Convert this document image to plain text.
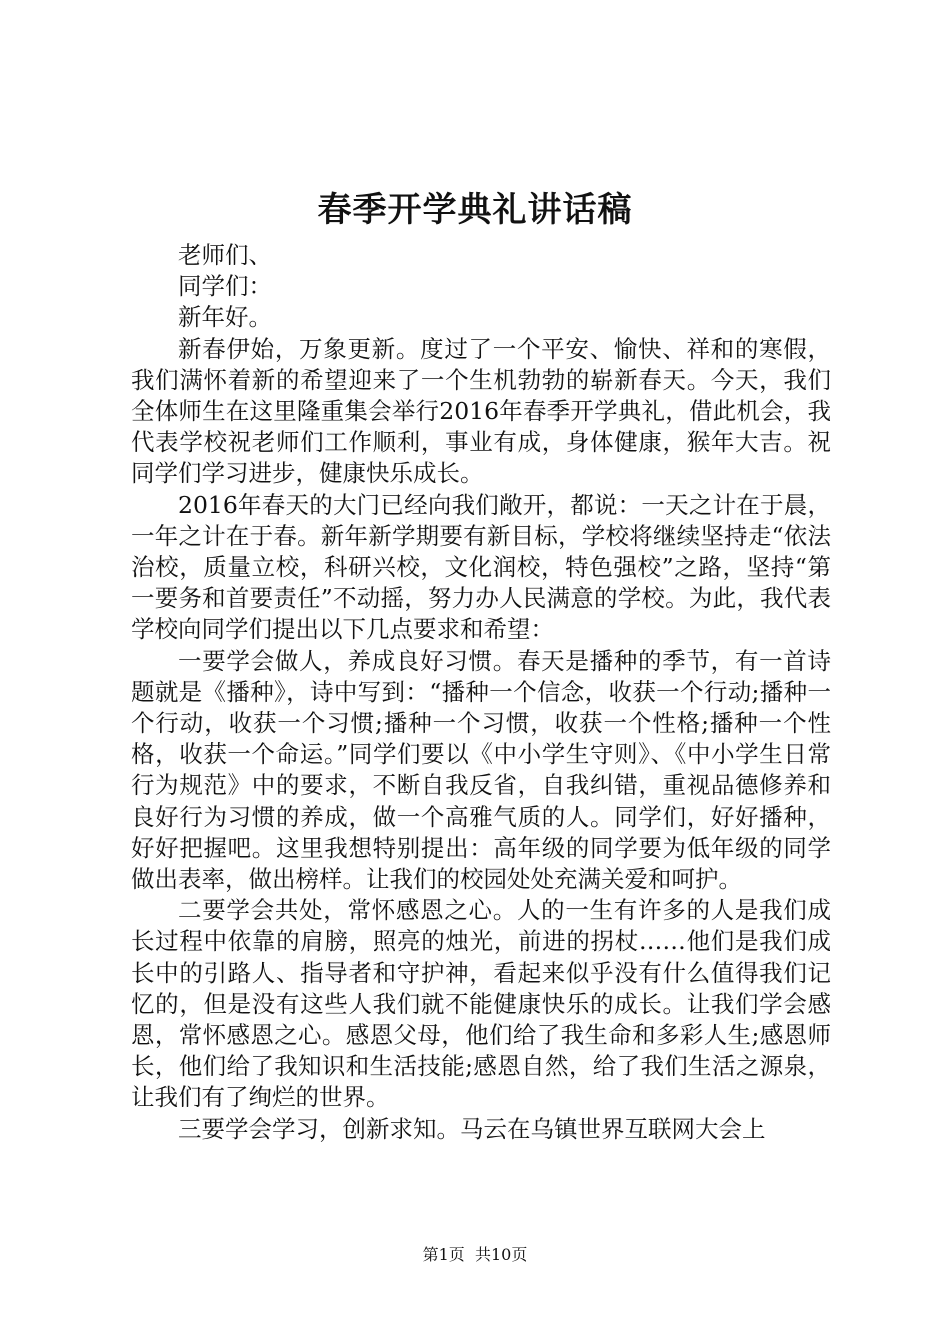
春季开学典礼讲话稿

老师们、

同学们：

新年好。

新春伊始，万象更新。度过了一个平安、愉快、祥和的寒假，我们满怀着新的希望迎来了一个生机勃勃的崭新春天。今天，我们全体师生在这里隆重集会举行2016年春季开学典礼，借此机会，我代表学校祝老师们工作顺利，事业有成，身体健康，猴年大吉。祝同学们学习进步，健康快乐成长。

2016年春天的大门已经向我们敞开，都说：一天之计在于晨，一年之计在于春。新年新学期要有新目标，学校将继续坚持走“依法治校，质量立校，科研兴校，文化润校，特色强校”之路，坚持“第一要务和首要责任”不动摇，努力办人民满意的学校。为此，我代表学校向同学们提出以下几点要求和希望：

一要学会做人，养成良好习惯。春天是播种的季节，有一首诗题就是《播种》，诗中写到：“播种一个信念，收获一个行动;播种一个行动，收获一个习惯;播种一个习惯，收获一个性格;播种一个性格，收获一个命运。”同学们要以《中小学生守则》、《中小学生日常行为规范》中的要求，不断自我反省，自我纠错，重视品德修养和良好行为习惯的养成，做一个高雅气质的人。同学们，好好播种，好好把握吧。这里我想特别提出：高年级的同学要为低年级的同学做出表率，做出榜样。让我们的校园处处充满关爱和呵护。

二要学会共处，常怀感恩之心。人的一生有许多的人是我们成长过程中依靠的肩膀，照亮的烛光，前进的拐杖……他们是我们成长中的引路人、指导者和守护神，看起来似乎没有什么值得我们记忆的，但是没有这些人我们就不能健康快乐的成长。让我们学会感恩，常怀感恩之心。感恩父母，他们给了我生命和多彩人生;感恩师长，他们给了我知识和生活技能;感恩自然，给了我们生活之源泉，让我们有了绚烂的世界。

三要学会学习，创新求知。马云在乌镇世界互联网大会上

第1页 共10页
